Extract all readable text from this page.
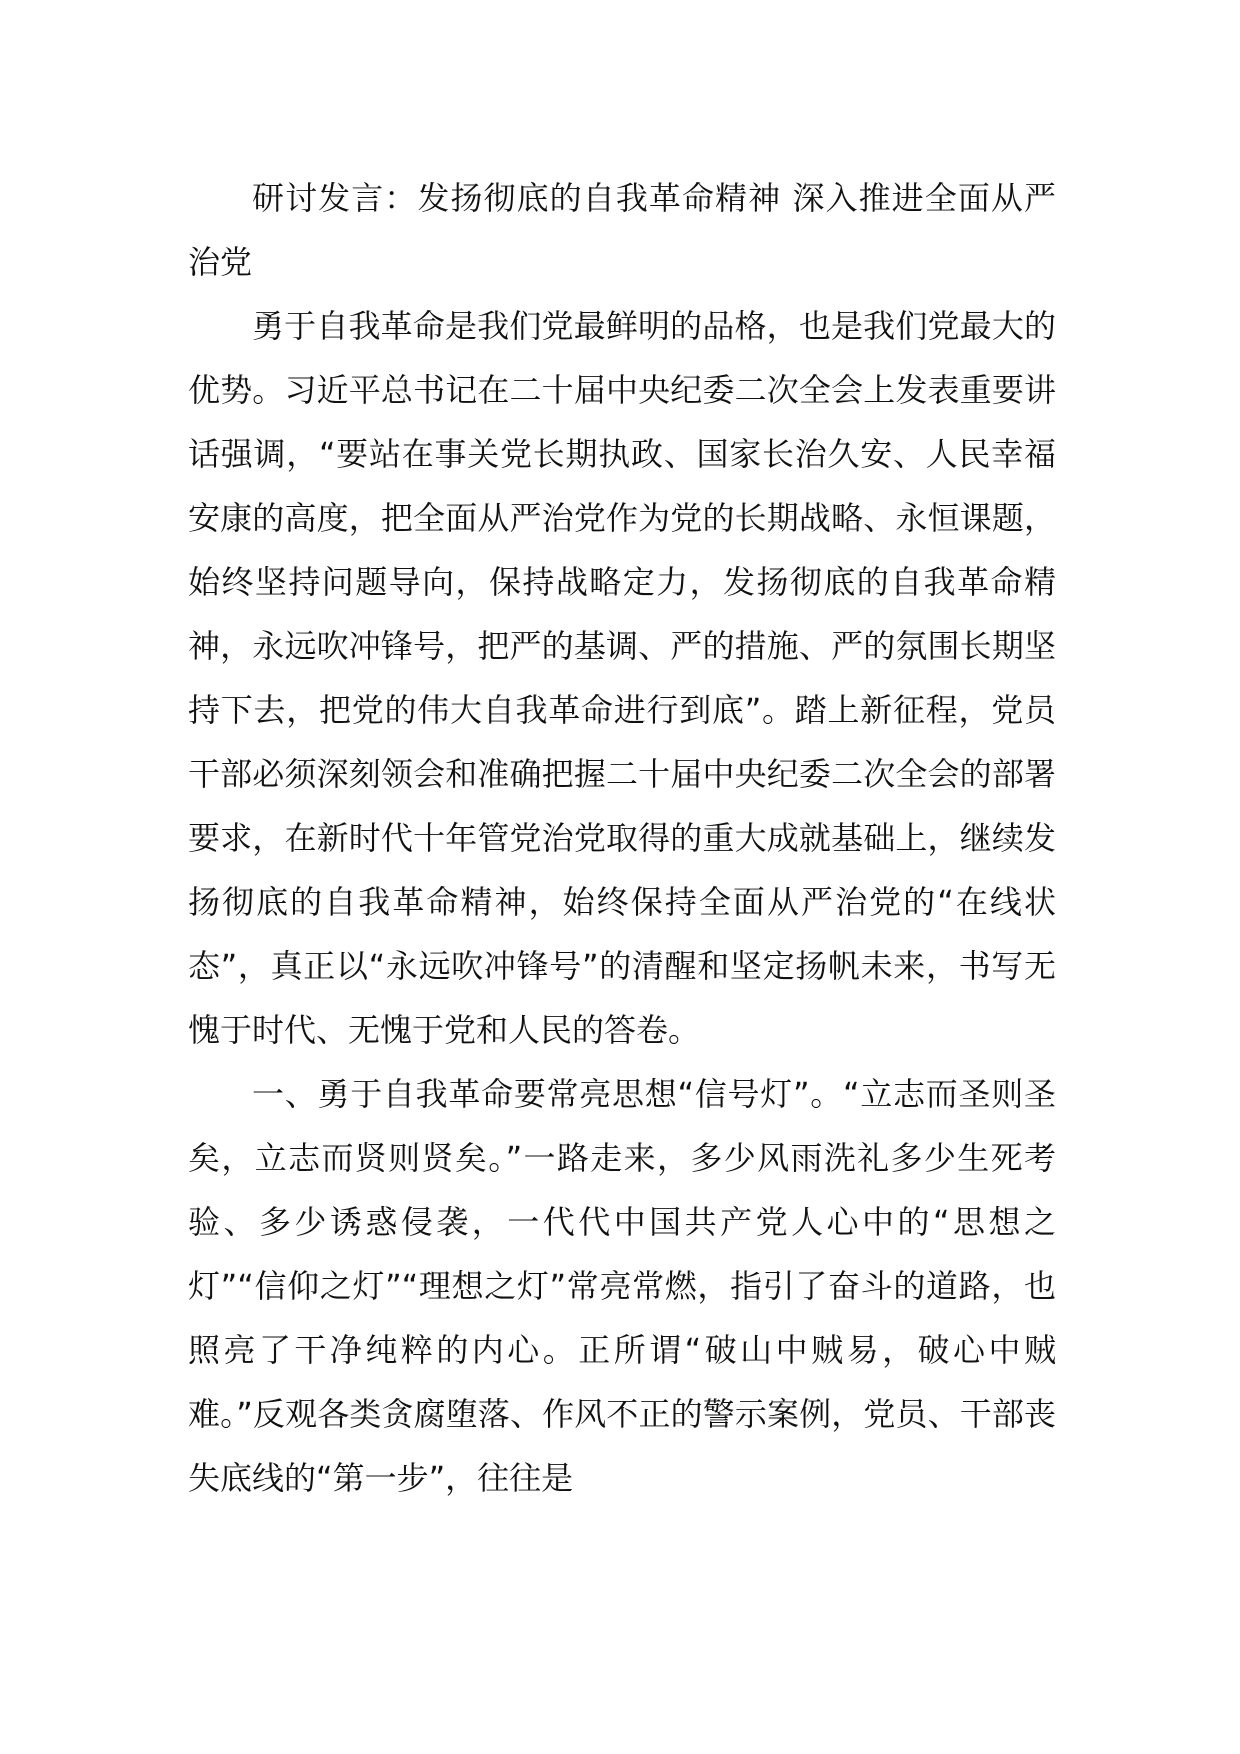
研讨发言：发扬彻底的自我革命精神 深入推进全面从严治党

勇于自我革命是我们党最鲜明的品格，也是我们党最大的优势。习近平总书记在二十届中央纪委二次全会上发表重要讲话强调，“要站在事关党长期执政、国家长治久安、人民幸福安康的高度，把全面从严治党作为党的长期战略、永恒课题，始终坚持问题导向，保持战略定力，发扬彻底的自我革命精神，永远吹冲锋号，把严的基调、严的措施、严的氛围长期坚持下去，把党的伟大自我革命进行到底”。踏上新征程，党员干部必须深刻领会和准确把握二十届中央纪委二次全会的部署要求，在新时代十年管党治党取得的重大成就基础上，继续发扬彻底的自我革命精神，始终保持全面从严治党的“在线状态”，真正以“永远吹冲锋号”的清醒和坚定扬帆未来，书写无愧于时代、无愧于党和人民的答卷。

一、勇于自我革命要常亮思想“信号灯”。“立志而圣则圣矣，立志而贤则贤矣。”一路走来，多少风雨洗礼多少生死考验、多少诱惑侵袭，一代代中国共产党人心中的“思想之灯”“信仰之灯”“理想之灯”常亮常燃，指引了奋斗的道路，也照亮了干净纯粹的内心。正所谓“破山中贼易，破心中贼难。”反观各类贪腐堕落、作风不正的警示案例，党员、干部丧失底线的“第一步”，往往是
